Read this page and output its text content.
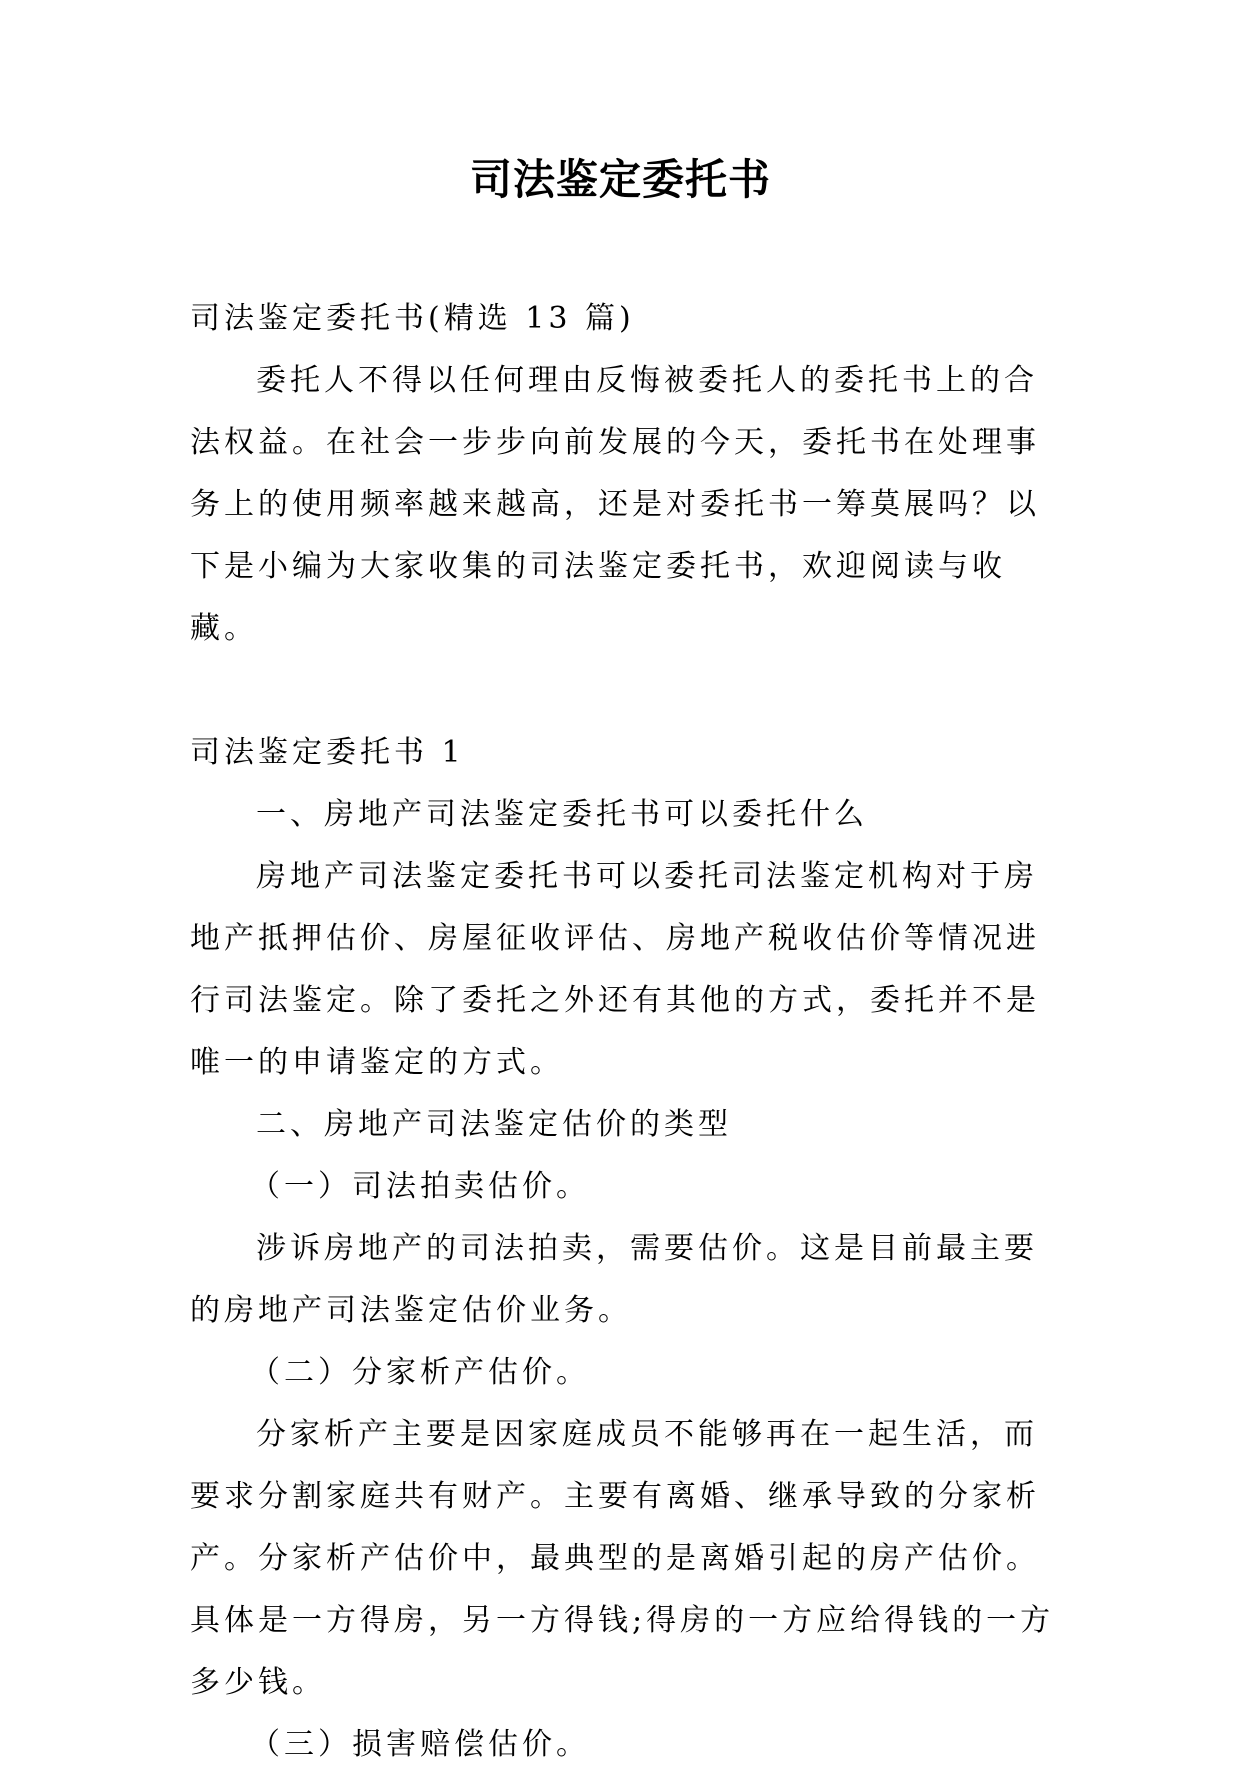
司法鉴定委托书

司法鉴定委托书(精选 13 篇)

委托人不得以任何理由反悔被委托人的委托书上的合法权益。在社会一步步向前发展的今天，委托书在处理事务上的使用频率越来越高，还是对委托书一筹莫展吗？以下是小编为大家收集的司法鉴定委托书，欢迎阅读与收藏。

司法鉴定委托书 1

一、房地产司法鉴定委托书可以委托什么

房地产司法鉴定委托书可以委托司法鉴定机构对于房地产抵押估价、房屋征收评估、房地产税收估价等情况进行司法鉴定。除了委托之外还有其他的方式，委托并不是唯一的申请鉴定的方式。

二、房地产司法鉴定估价的类型

（一）司法拍卖估价。

涉诉房地产的司法拍卖，需要估价。这是目前最主要的房地产司法鉴定估价业务。

（二）分家析产估价。

分家析产主要是因家庭成员不能够再在一起生活，而要求分割家庭共有财产。主要有离婚、继承导致的分家析产。分家析产估价中，最典型的是离婚引起的房产估价。具体是一方得房，另一方得钱;得房的一方应给得钱的一方多少钱。

（三）损害赔偿估价。
